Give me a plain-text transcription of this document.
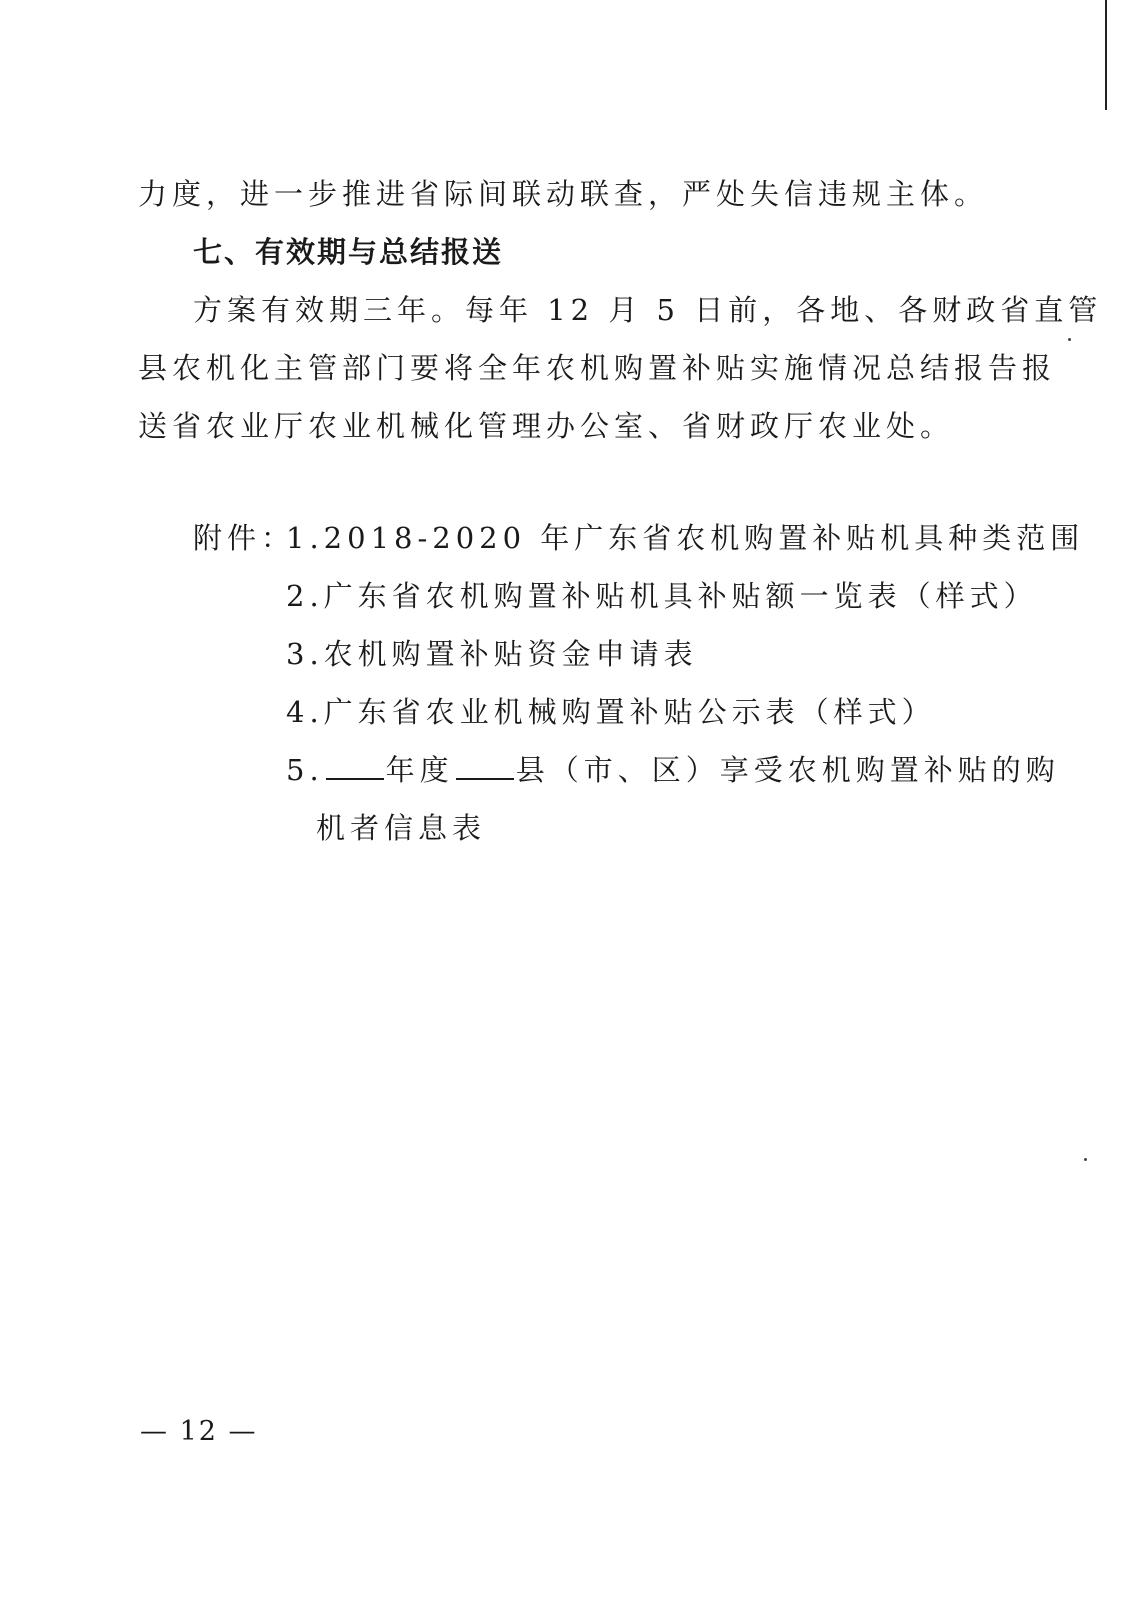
力度，进一步推进省际间联动联查，严处失信违规主体。
七、有效期与总结报送
方案有效期三年。每年 12 月 5 日前，各地、各财政省直管
县农机化主管部门要将全年农机购置补贴实施情况总结报告报
送省农业厅农业机械化管理办公室、省财政厅农业处。
附件：
1.2018-2020 年广东省农机购置补贴机具种类范围
2.广东省农机购置补贴机具补贴额一览表（样式）
3.农机购置补贴资金申请表
4.广东省农业机械购置补贴公示表（样式）
5. 年度 县（市、区）享受农机购置补贴的购
机者信息表
— 12 —
